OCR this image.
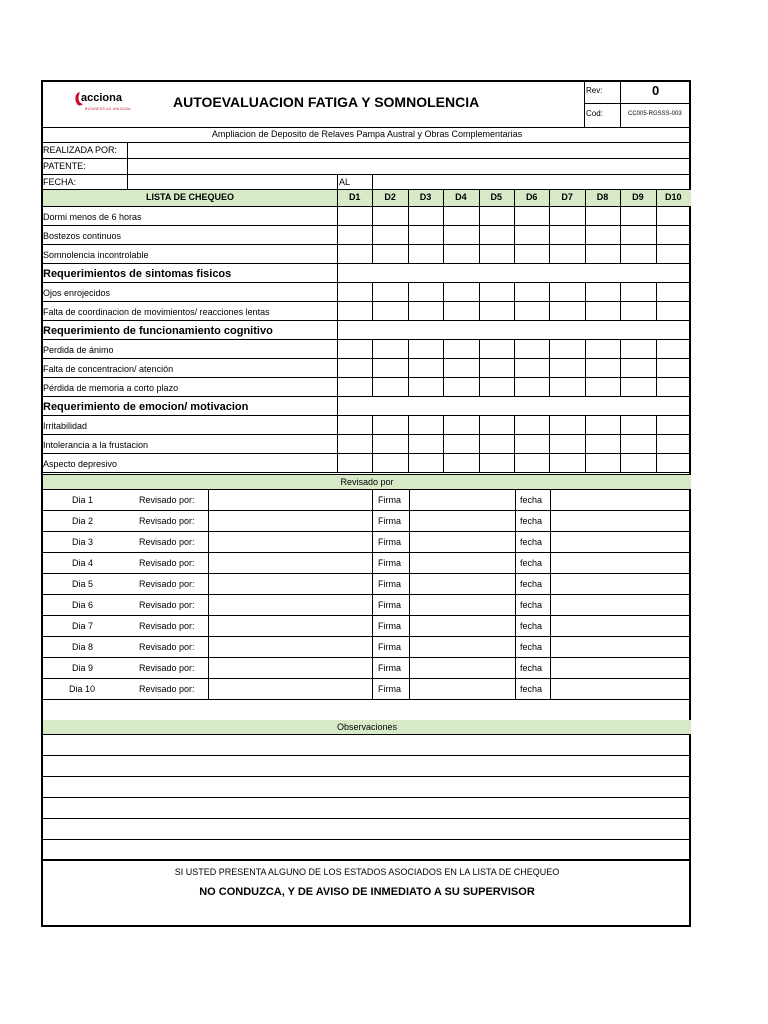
acciona
BUSINESS AS UNUSUAL	AUTOEVALUACION FATIGA Y SOMNOLENCIA
Rev:	0
Cod:	CC005-RGSSS-003
Ampliacion de Deposito de Relaves Pampa Austral y Obras Complementarias
REALIZADA POR:
PATENTE:
FECHA:	AL
LISTA DE CHEQUEO	D1	D2	D3	D4	D5	D6	D7	D8	D9	D10
Dormi menos de 6 horas
Bostezos continuos
Somnolencia incontrolable
Requerimientos de sintomas fisicos
Ojos enrojecidos
Falta de coordinacion de movimientos/ reacciones lentas
Requerimiento de funcionamiento cognitivo
Perdida de ánimo
Falta de concentracion/ atención
Pérdida de memoria a corto plazo
Requerimiento de emocion/ motivacion
Irritabilidad
Intolerancia a la frustacion
Aspecto depresivo
Revisado por
Dia 1	Revisado por:	Firma	fecha
Dia 2	Revisado por:	Firma	fecha
Dia 3	Revisado por:	Firma	fecha
Dia 4	Revisado por:	Firma	fecha
Dia 5	Revisado por:	Firma	fecha
Dia 6	Revisado por:	Firma	fecha
Dia 7	Revisado por:	Firma	fecha
Dia 8	Revisado por:	Firma	fecha
Dia 9	Revisado por:	Firma	fecha
Dia 10	Revisado por:	Firma	fecha
Observaciones
SI USTED PRESENTA ALGUNO DE LOS ESTADOS ASOCIADOS EN LA LISTA DE CHEQUEO
NO CONDUZCA, Y DE AVISO DE INMEDIATO A SU SUPERVISOR
